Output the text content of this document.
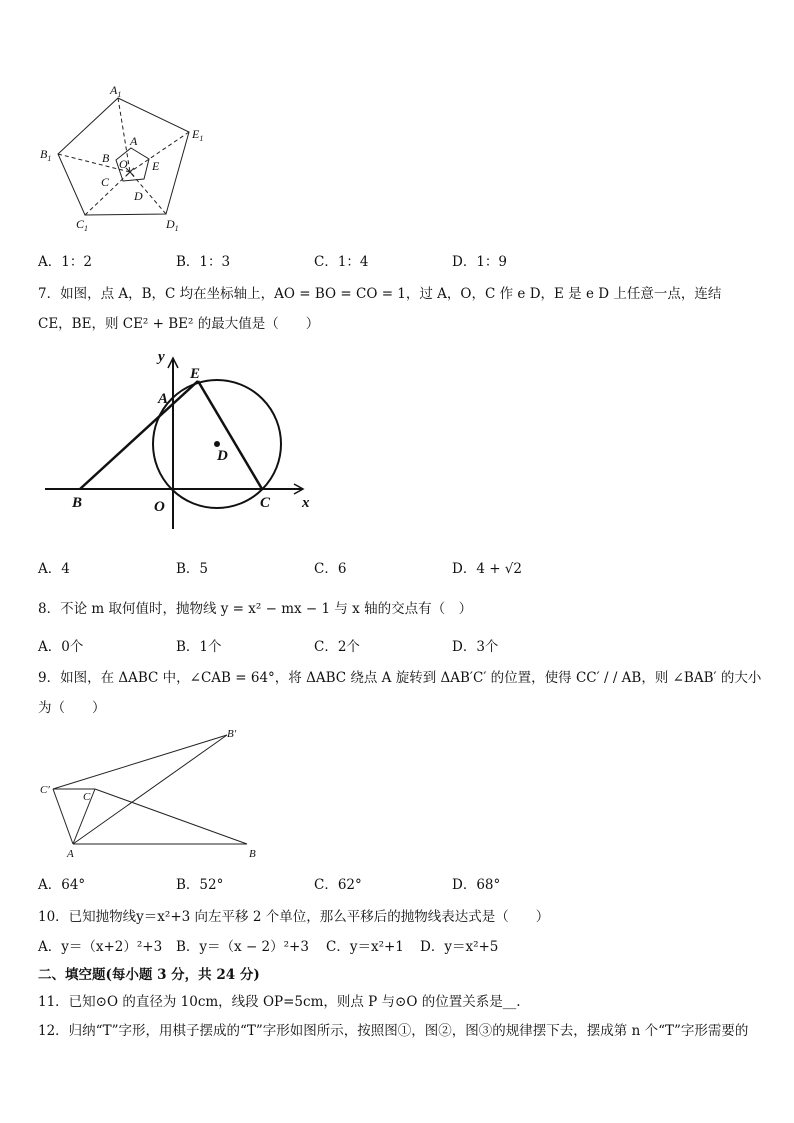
$A_1$
$E_1$
$B_1$
$C_1$	$D_1$
A
B O E
C
D
A．1：2	B．1：3	C．1：4	D．1：9
7．如图，点 A，B，C 均在坐标轴上，AO = BO = CO = 1，过 A，O，C 作 e D，E 是 e D 上任意一点，连结
CE，BE，则 CE² + BE² 的最大值是（　　）
y
x
E
A
D
B	O	C
A．4	B．5	C．6	D．4 + √2
8．不论 m 取何值时，抛物线 y = x² − mx − 1 与 x 轴的交点有（　）
A．0个	B．1个	C．2个	D．3个
9．如图，在 ΔABC 中，∠CAB = 64°，将 ΔABC 绕点 A 旋转到 ΔAB′C′ 的位置，使得 CC′ / / AB，则 ∠BAB′ 的大小
为（　　）
B′
C′
C
A	B
A．64°	B．52°	C．62°	D．68°
10．已知抛物线y＝x²+3 向左平移 2 个单位，那么平移后的抛物线表达式是（　　）
A．y＝（x+2）²+3 B．y＝（x − 2）²+3 C．y＝x²+1 D．y＝x²+5
二、填空题(每小题 3 分，共 24 分)
11．已知⊙O 的直径为 10cm，线段 OP=5cm，则点 P 与⊙O 的位置关系是__.
12．归纳“T”字形，用棋子摆成的“T”字形如图所示，按照图①，图②，图③的规律摆下去，摆成第 n 个“T”字形需要的
